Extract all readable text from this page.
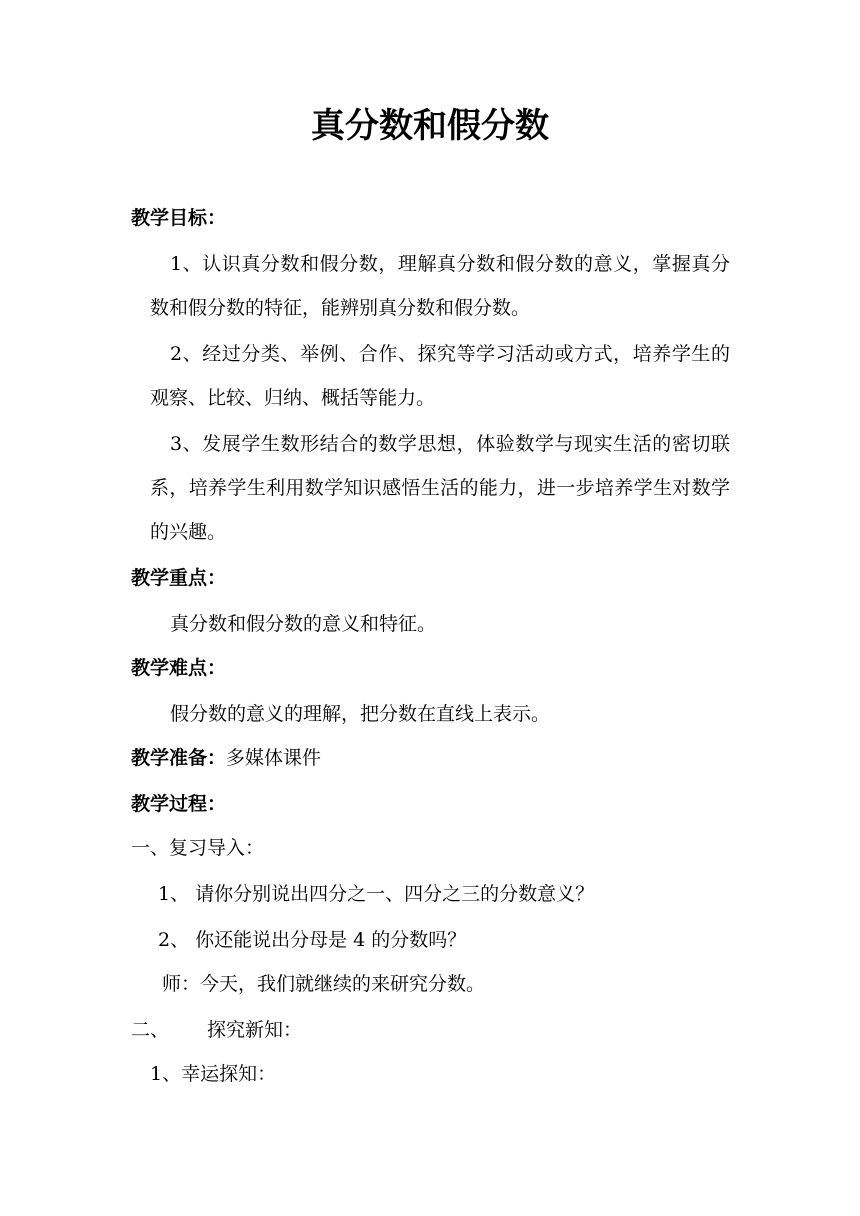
真分数和假分数
教学目标：
1、认识真分数和假分数，理解真分数和假分数的意义，掌握真分
数和假分数的特征，能辨别真分数和假分数。
2、经过分类、举例、合作、探究等学习活动或方式，培养学生的
观察、比较、归纳、概括等能力。
3、发展学生数形结合的数学思想，体验数学与现实生活的密切联
系，培养学生利用数学知识感悟生活的能力，进一步培养学生对数学
的兴趣。
教学重点：
真分数和假分数的意义和特征。
教学难点：
假分数的意义的理解，把分数在直线上表示。
教学准备：多媒体课件
教学过程：
一、复习导入：
1、 请你分别说出四分之一、四分之三的分数意义？
2、 你还能说出分母是 4 的分数吗？
师：今天，我们就继续的来研究分数。
二、 探究新知：
1、幸运探知：
